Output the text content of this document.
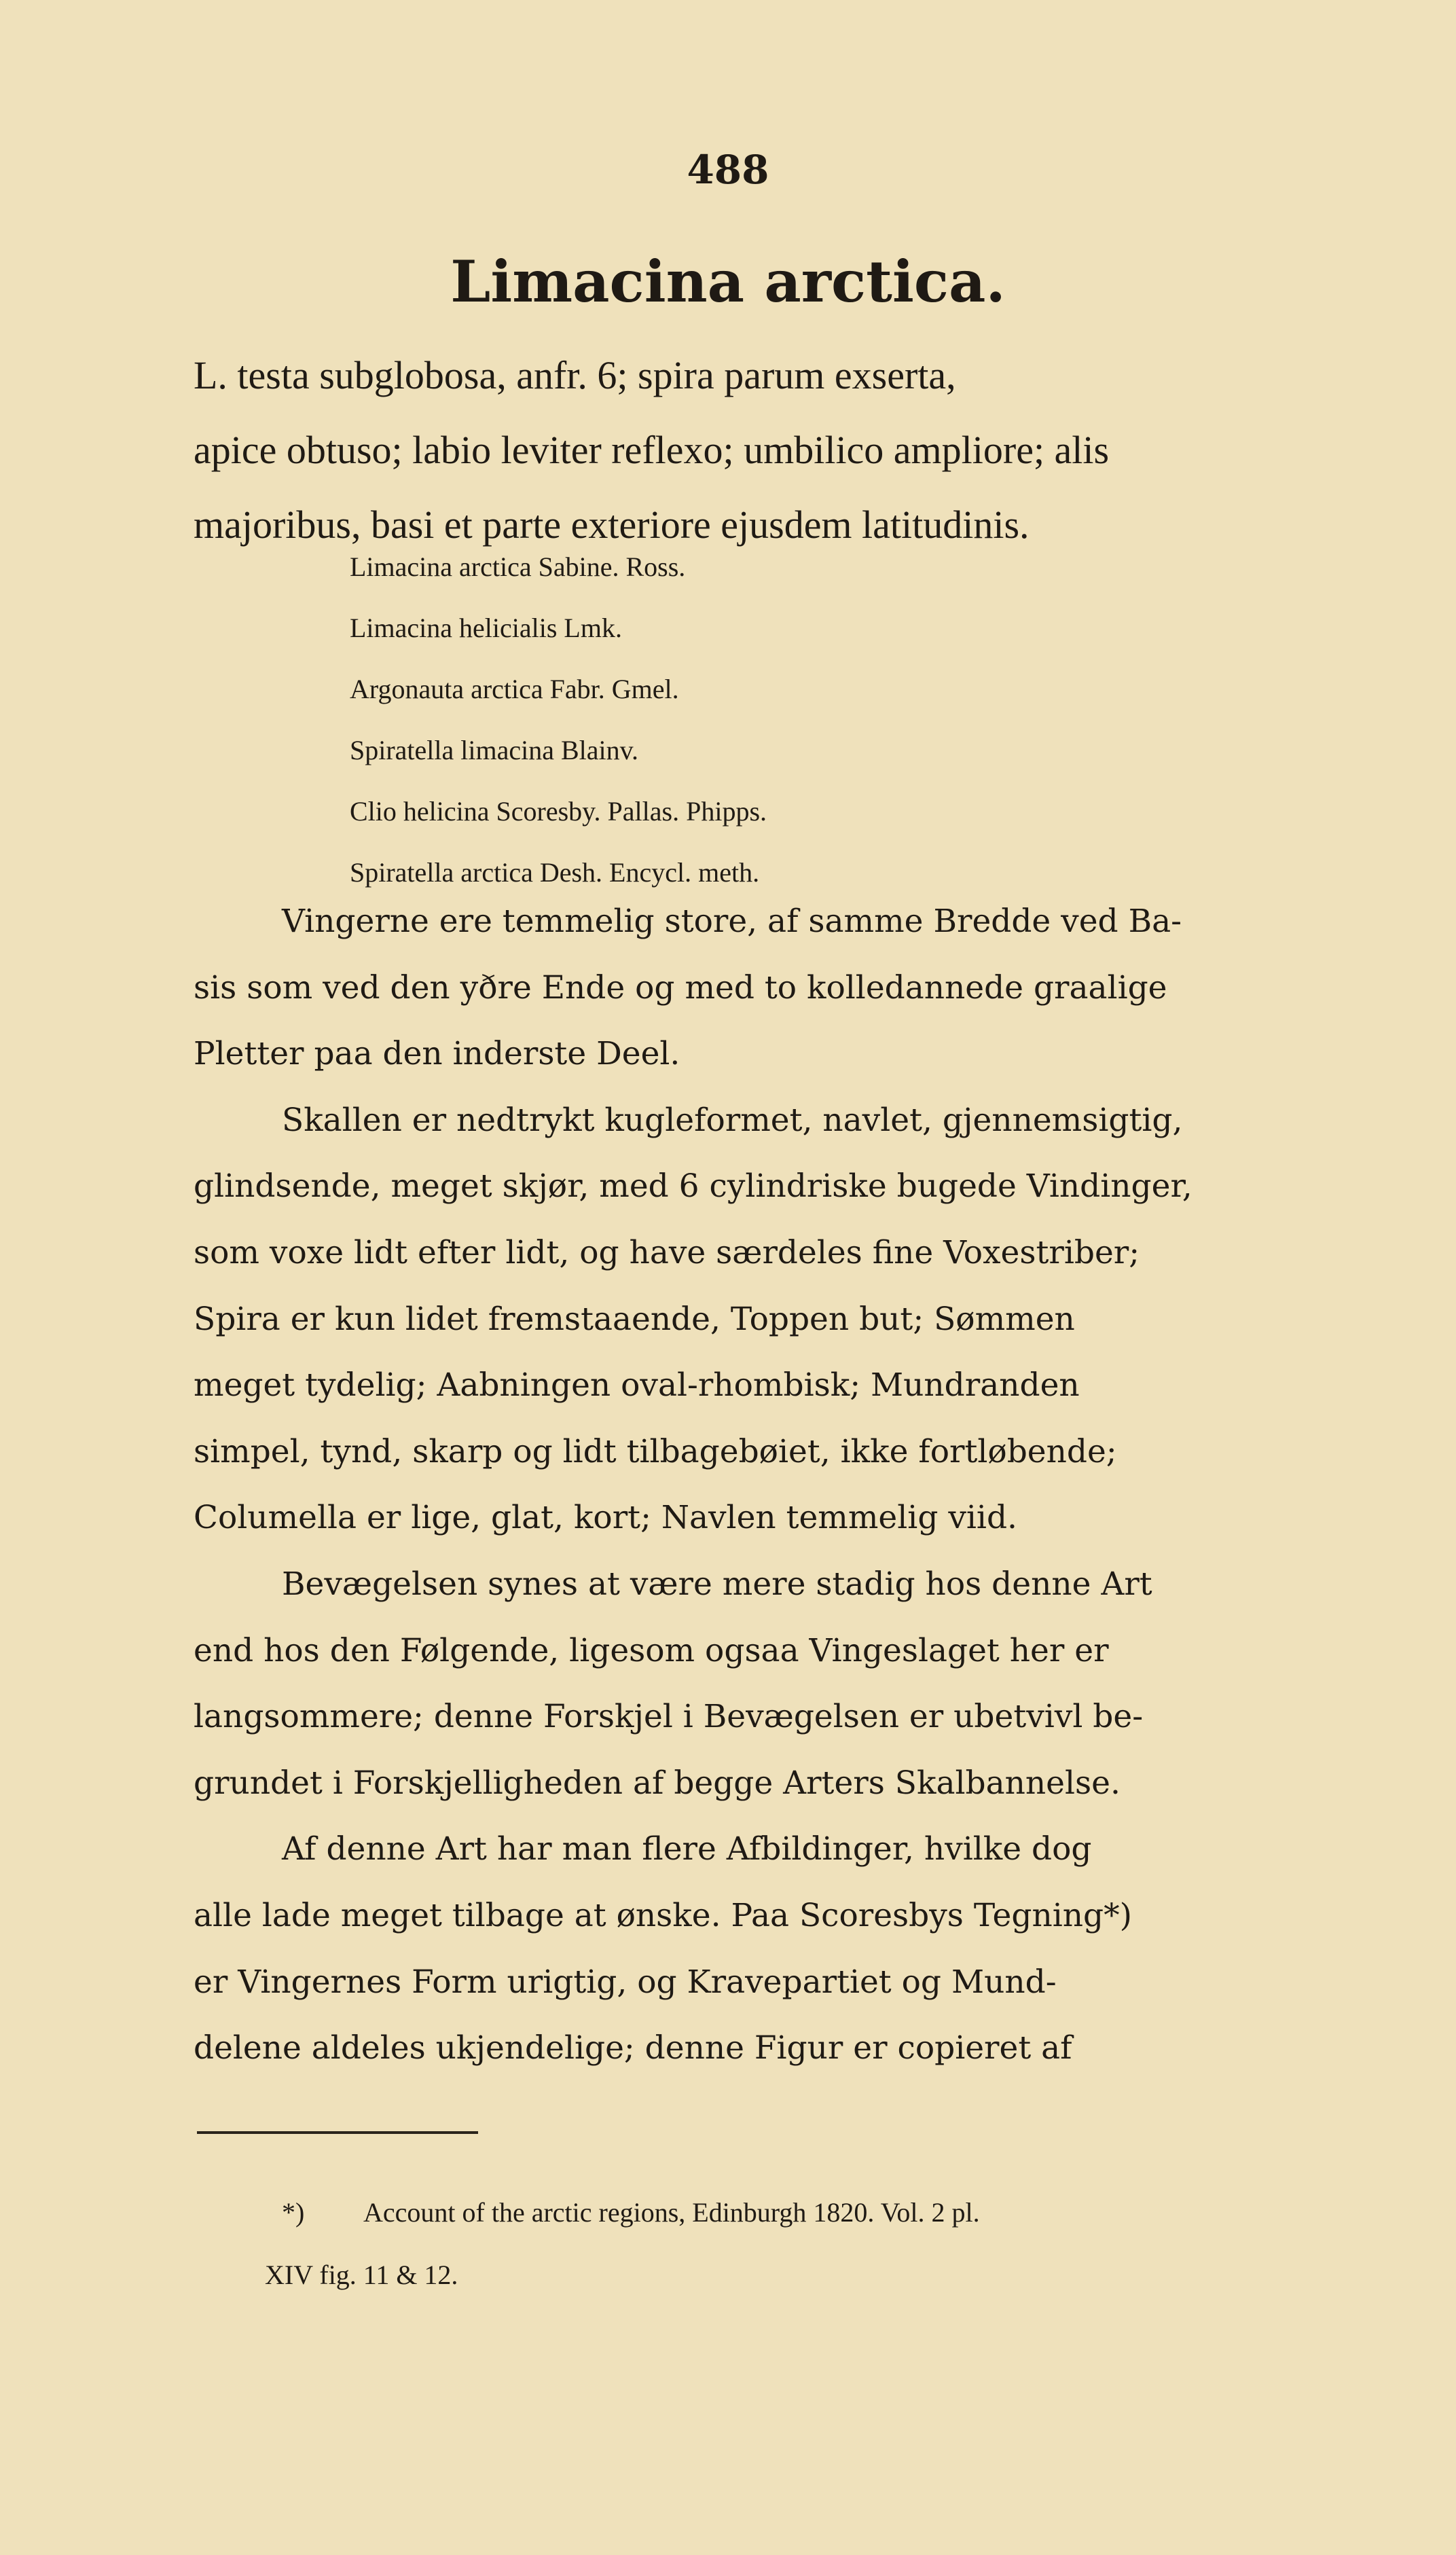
488
Limacina arctica.
L. testa subglobosa, anfr. 6; spira parum exserta,
apice obtuso; labio leviter reflexo; umbilico ampliore; alis
majoribus, basi et parte exteriore ejusdem latitudinis.
Limacina arctica Sabine. Ross.
Limacina helicialis Lmk.
Argonauta arctica Fabr. Gmel.
Spiratella limacina Blainv.
Clio helicina Scoresby. Pallas. Phipps.
Spiratella arctica Desh. Encycl. meth.
Vingerne ere temmelig store, af samme Bredde ved Ba-
sis som ved den yðre Ende og med to kolledannede graalige
Pletter paa den inderste Deel.
Skallen er nedtrykt kugleformet, navlet, gjennemsigtig,
glindsende, meget skjør, med 6 cylindriske bugede Vindinger,
som voxe lidt efter lidt, og have særdeles fine Voxestriber;
Spira er kun lidet fremstaaende, Toppen but; Sømmen
meget tydelig; Aabningen oval-rhombisk; Mundranden
simpel, tynd, skarp og lidt tilbagebøiet, ikke fortløbende;
Columella er lige, glat, kort; Navlen temmelig viid.
Bevægelsen synes at være mere stadig hos denne Art
end hos den Følgende, ligesom ogsaa Vingeslaget her er
langsommere; denne Forskjel i Bevægelsen er ubetvivl be-
grundet i Forskjelligheden af begge Arters Skalbannelse.
Af denne Art har man flere Afbildinger, hvilke dog
alle lade meget tilbage at ønske. Paa Scoresbys Tegning*)
er Vingernes Form urigtig, og Kravepartiet og Mund-
delene aldeles ukjendelige; denne Figur er copieret af
*) Account of the arctic regions, Edinburgh 1820. Vol. 2 pl.
XIV fig. 11 & 12.
